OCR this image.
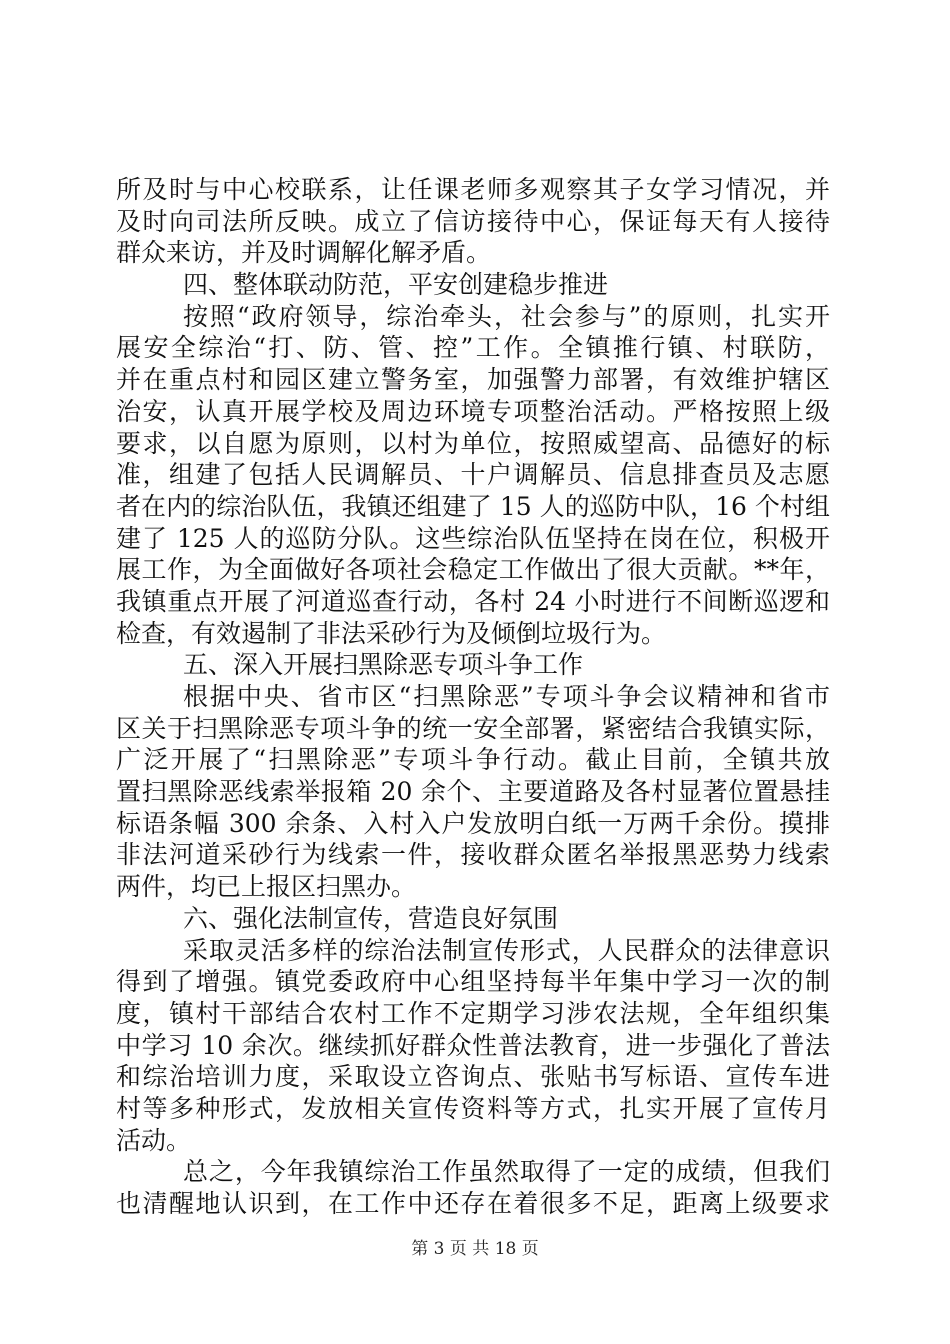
所及时与中心校联系，让任课老师多观察其子女学习情况，并
及时向司法所反映。成立了信访接待中心，保证每天有人接待
群众来访，并及时调解化解矛盾。
四、整体联动防范，平安创建稳步推进
按照“政府领导，综治牵头，社会参与”的原则，扎实开
展安全综治“打、防、管、控”工作。全镇推行镇、村联防，
并在重点村和园区建立警务室，加强警力部署，有效维护辖区
治安，认真开展学校及周边环境专项整治活动。严格按照上级
要求，以自愿为原则，以村为单位，按照威望高、品德好的标
准，组建了包括人民调解员、十户调解员、信息排查员及志愿
者在内的综治队伍，我镇还组建了 15 人的巡防中队，16 个村组
建了 125 人的巡防分队。这些综治队伍坚持在岗在位，积极开
展工作，为全面做好各项社会稳定工作做出了很大贡献。**年，
我镇重点开展了河道巡查行动，各村 24 小时进行不间断巡逻和
检查，有效遏制了非法采砂行为及倾倒垃圾行为。
五、深入开展扫黑除恶专项斗争工作
根据中央、省市区“扫黑除恶”专项斗争会议精神和省市
区关于扫黑除恶专项斗争的统一安全部署，紧密结合我镇实际，
广泛开展了“扫黑除恶”专项斗争行动。截止目前，全镇共放
置扫黑除恶线索举报箱 20 余个、主要道路及各村显著位置悬挂
标语条幅 300 余条、入村入户发放明白纸一万两千余份。摸排
非法河道采砂行为线索一件，接收群众匿名举报黑恶势力线索
两件，均已上报区扫黑办。
六、强化法制宣传，营造良好氛围
采取灵活多样的综治法制宣传形式，人民群众的法律意识
得到了增强。镇党委政府中心组坚持每半年集中学习一次的制
度，镇村干部结合农村工作不定期学习涉农法规，全年组织集
中学习 10 余次。继续抓好群众性普法教育，进一步强化了普法
和综治培训力度，采取设立咨询点、张贴书写标语、宣传车进
村等多种形式，发放相关宣传资料等方式，扎实开展了宣传月
活动。
总之，今年我镇综治工作虽然取得了一定的成绩，但我们
也清醒地认识到，在工作中还存在着很多不足，距离上级要求
第 3 页 共 18 页
